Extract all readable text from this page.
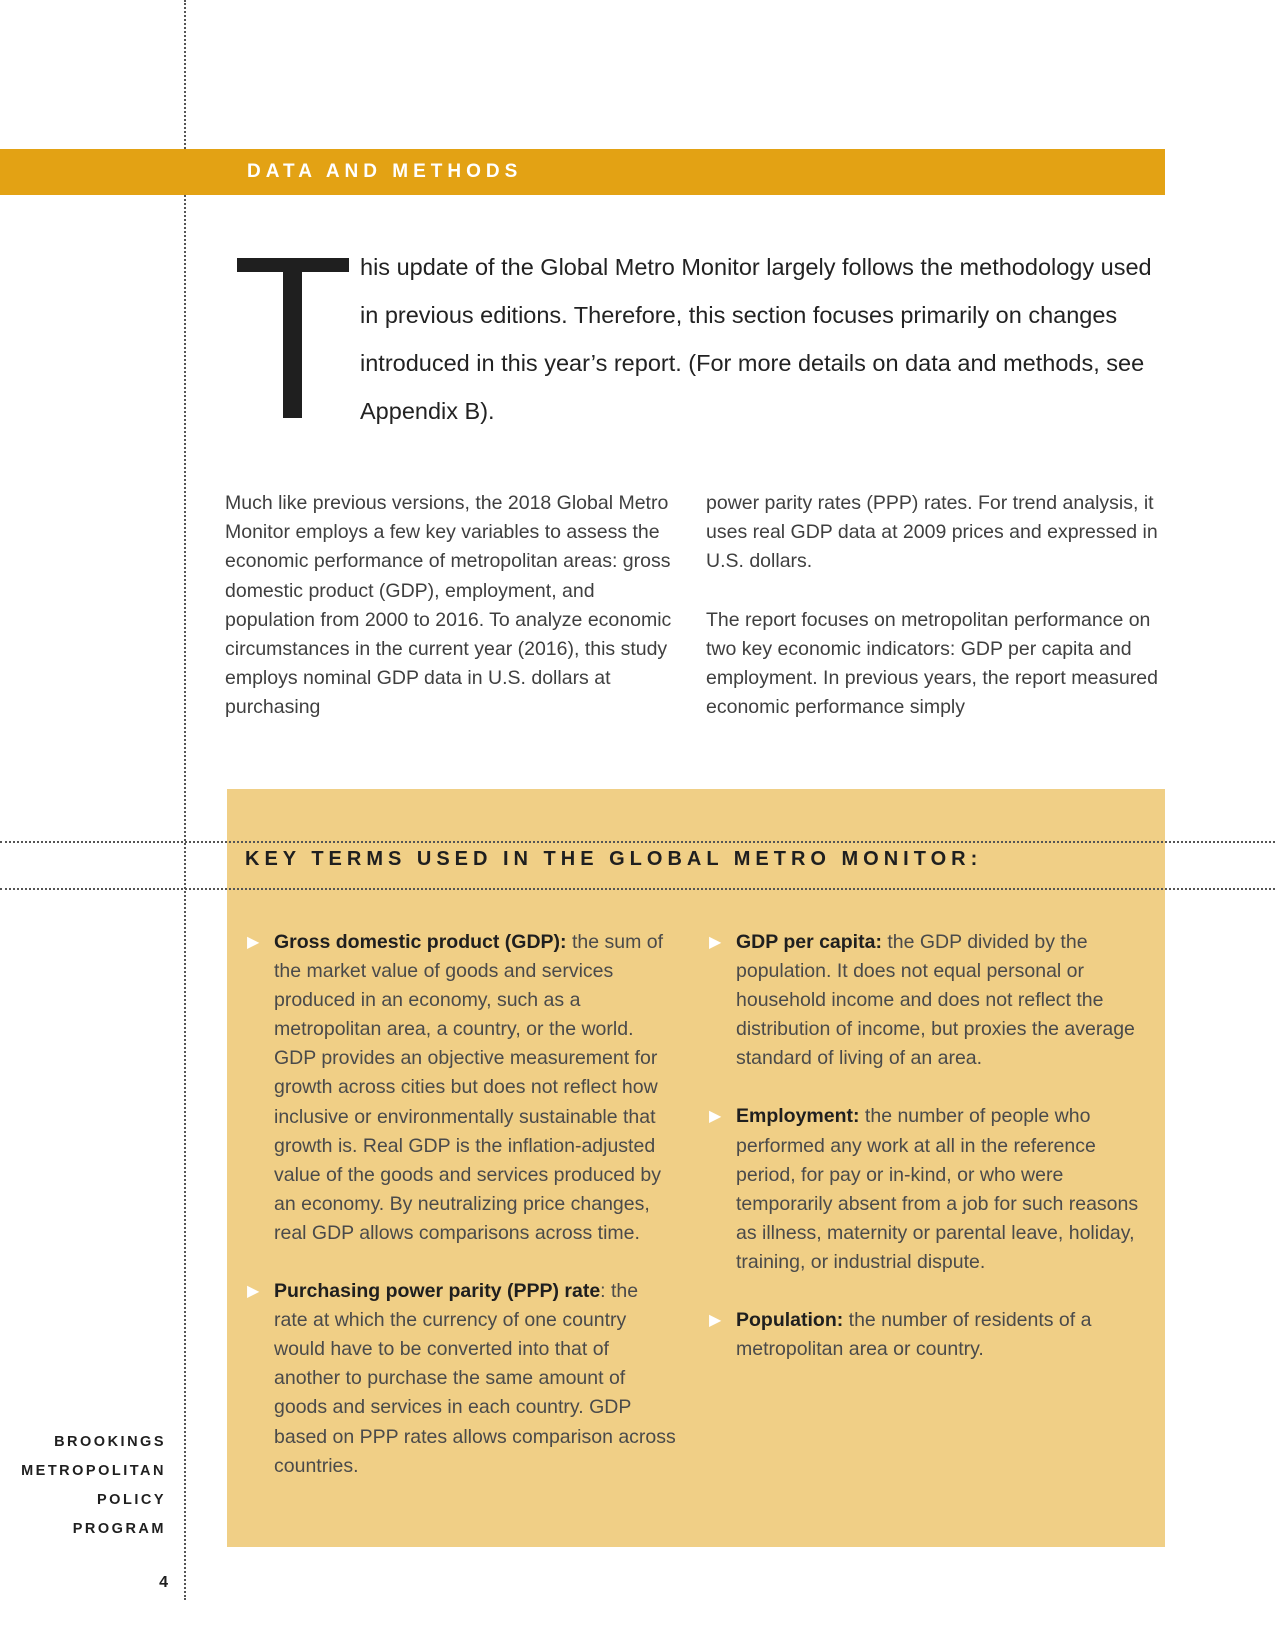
DATA AND METHODS

his update of the Global Metro Monitor largely follows the methodology used in previous editions. Therefore, this section focuses primarily on changes introduced in this year’s report. (For more details on data and methods, see Appendix B).

Much like previous versions, the 2018 Global Metro Monitor employs a few key variables to assess the economic performance of metropolitan areas: gross domestic product (GDP), employment, and population from 2000 to 2016. To analyze economic circumstances in the current year (2016), this study employs nominal GDP data in U.S. dollars at purchasing

power parity rates (PPP) rates. For trend analysis, it uses real GDP data at 2009 prices and expressed in U.S. dollars.

The report focuses on metropolitan performance on two key economic indicators: GDP per capita and employment. In previous years, the report measured economic performance simply

KEY TERMS USED IN THE GLOBAL METRO MONITOR:

▶ Gross domestic product (GDP): the sum of the market value of goods and services produced in an economy, such as a metropolitan area, a country, or the world. GDP provides an objective measurement for growth across cities but does not reflect how inclusive or environmentally sustainable that growth is. Real GDP is the inflation-adjusted value of the goods and services produced by an economy. By neutralizing price changes, real GDP allows comparisons across time.
▶ Purchasing power parity (PPP) rate: the rate at which the currency of one country would have to be converted into that of another to purchase the same amount of goods and services in each country. GDP based on PPP rates allows comparison across countries.
▶ GDP per capita: the GDP divided by the population. It does not equal personal or household income and does not reflect the distribution of income, but proxies the average standard of living of an area.
▶ Employment: the number of people who performed any work at all in the reference period, for pay or in-kind, or who were temporarily absent from a job for such reasons as illness, maternity or parental leave, holiday, training, or industrial dispute.
▶ Population: the number of residents of a metropolitan area or country.
BROOKINGS
METROPOLITAN
POLICY
PROGRAM
4
